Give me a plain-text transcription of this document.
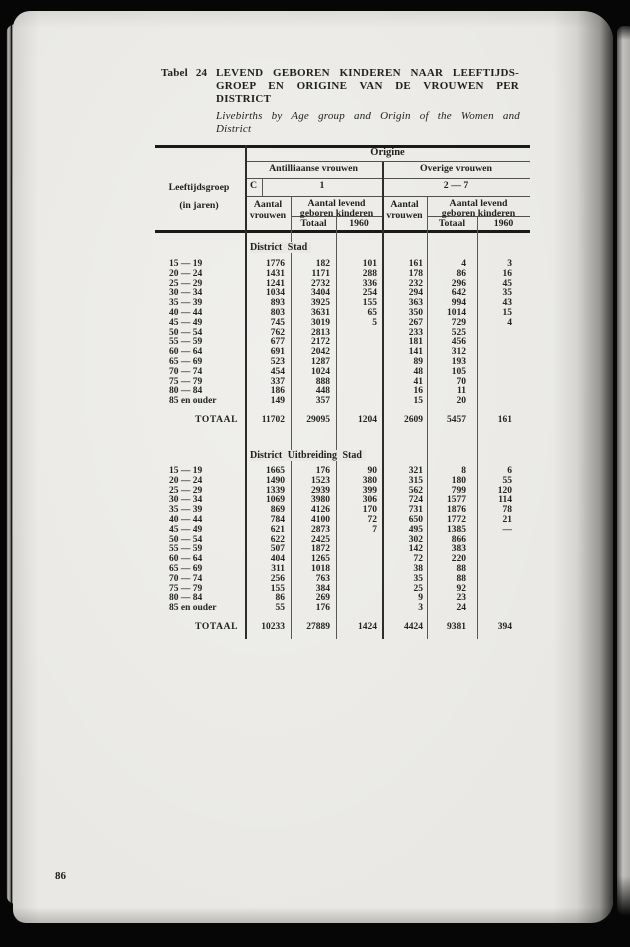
Tabel 24 LEVEND GEBOREN KINDEREN NAAR LEEFTIJDS-
GROEP EN ORIGINE VAN DE VROUWEN PER
DISTRICT
Livebirths by Age group and Origin of the Women and
District
Leeftijdsgroep
(in jaren)
Origine
Antilliaanse vrouwen	Overige vrouwen
C	1	2 — 7
Aantal
vrouwen
Aantal levend
geboren kinderen
Totaal	1960
Aantal
vrouwen
Aantal levend
geboren kinderen
Totaal	1960
District Stad
15 — 19	1776	182	101	161	4	3
20 — 24	1431	1171	288	178	86	16
25 — 29	1241	2732	336	232	296	45
30 — 34	1034	3404	254	294	642	35
35 — 39	893	3925	155	363	994	43
40 — 44	803	3631	65	350	1014	15
45 — 49	745	3019	5	267	729	4
50 — 54	762	2813	233	525
55 — 59	677	2172	181	456
60 — 64	691	2042	141	312
65 — 69	523	1287	89	193
70 — 74	454	1024	48	105
75 — 79	337	888	41	70
80 — 84	186	448	16	11
85 en ouder	149	357	15	20
TOTAAL	11702	29095	1204	2609	5457	161
District Uitbreiding Stad
15 — 19	1665	176	90	321	8	6
20 — 24	1490	1523	380	315	180	55
25 — 29	1339	2939	399	562	799	120
30 — 34	1069	3980	306	724	1577	114
35 — 39	869	4126	170	731	1876	78
40 — 44	784	4100	72	650	1772	21
45 — 49	621	2873	7	495	1385	—
50 — 54	622	2425	302	866
55 — 59	507	1872	142	383
60 — 64	404	1265	72	220
65 — 69	311	1018	38	88
70 — 74	256	763	35	88
75 — 79	155	384	25	92
80 — 84	86	269	9	23
85 en ouder	55	176	3	24
TOTAAL	10233	27889	1424	4424	9381	394
86
